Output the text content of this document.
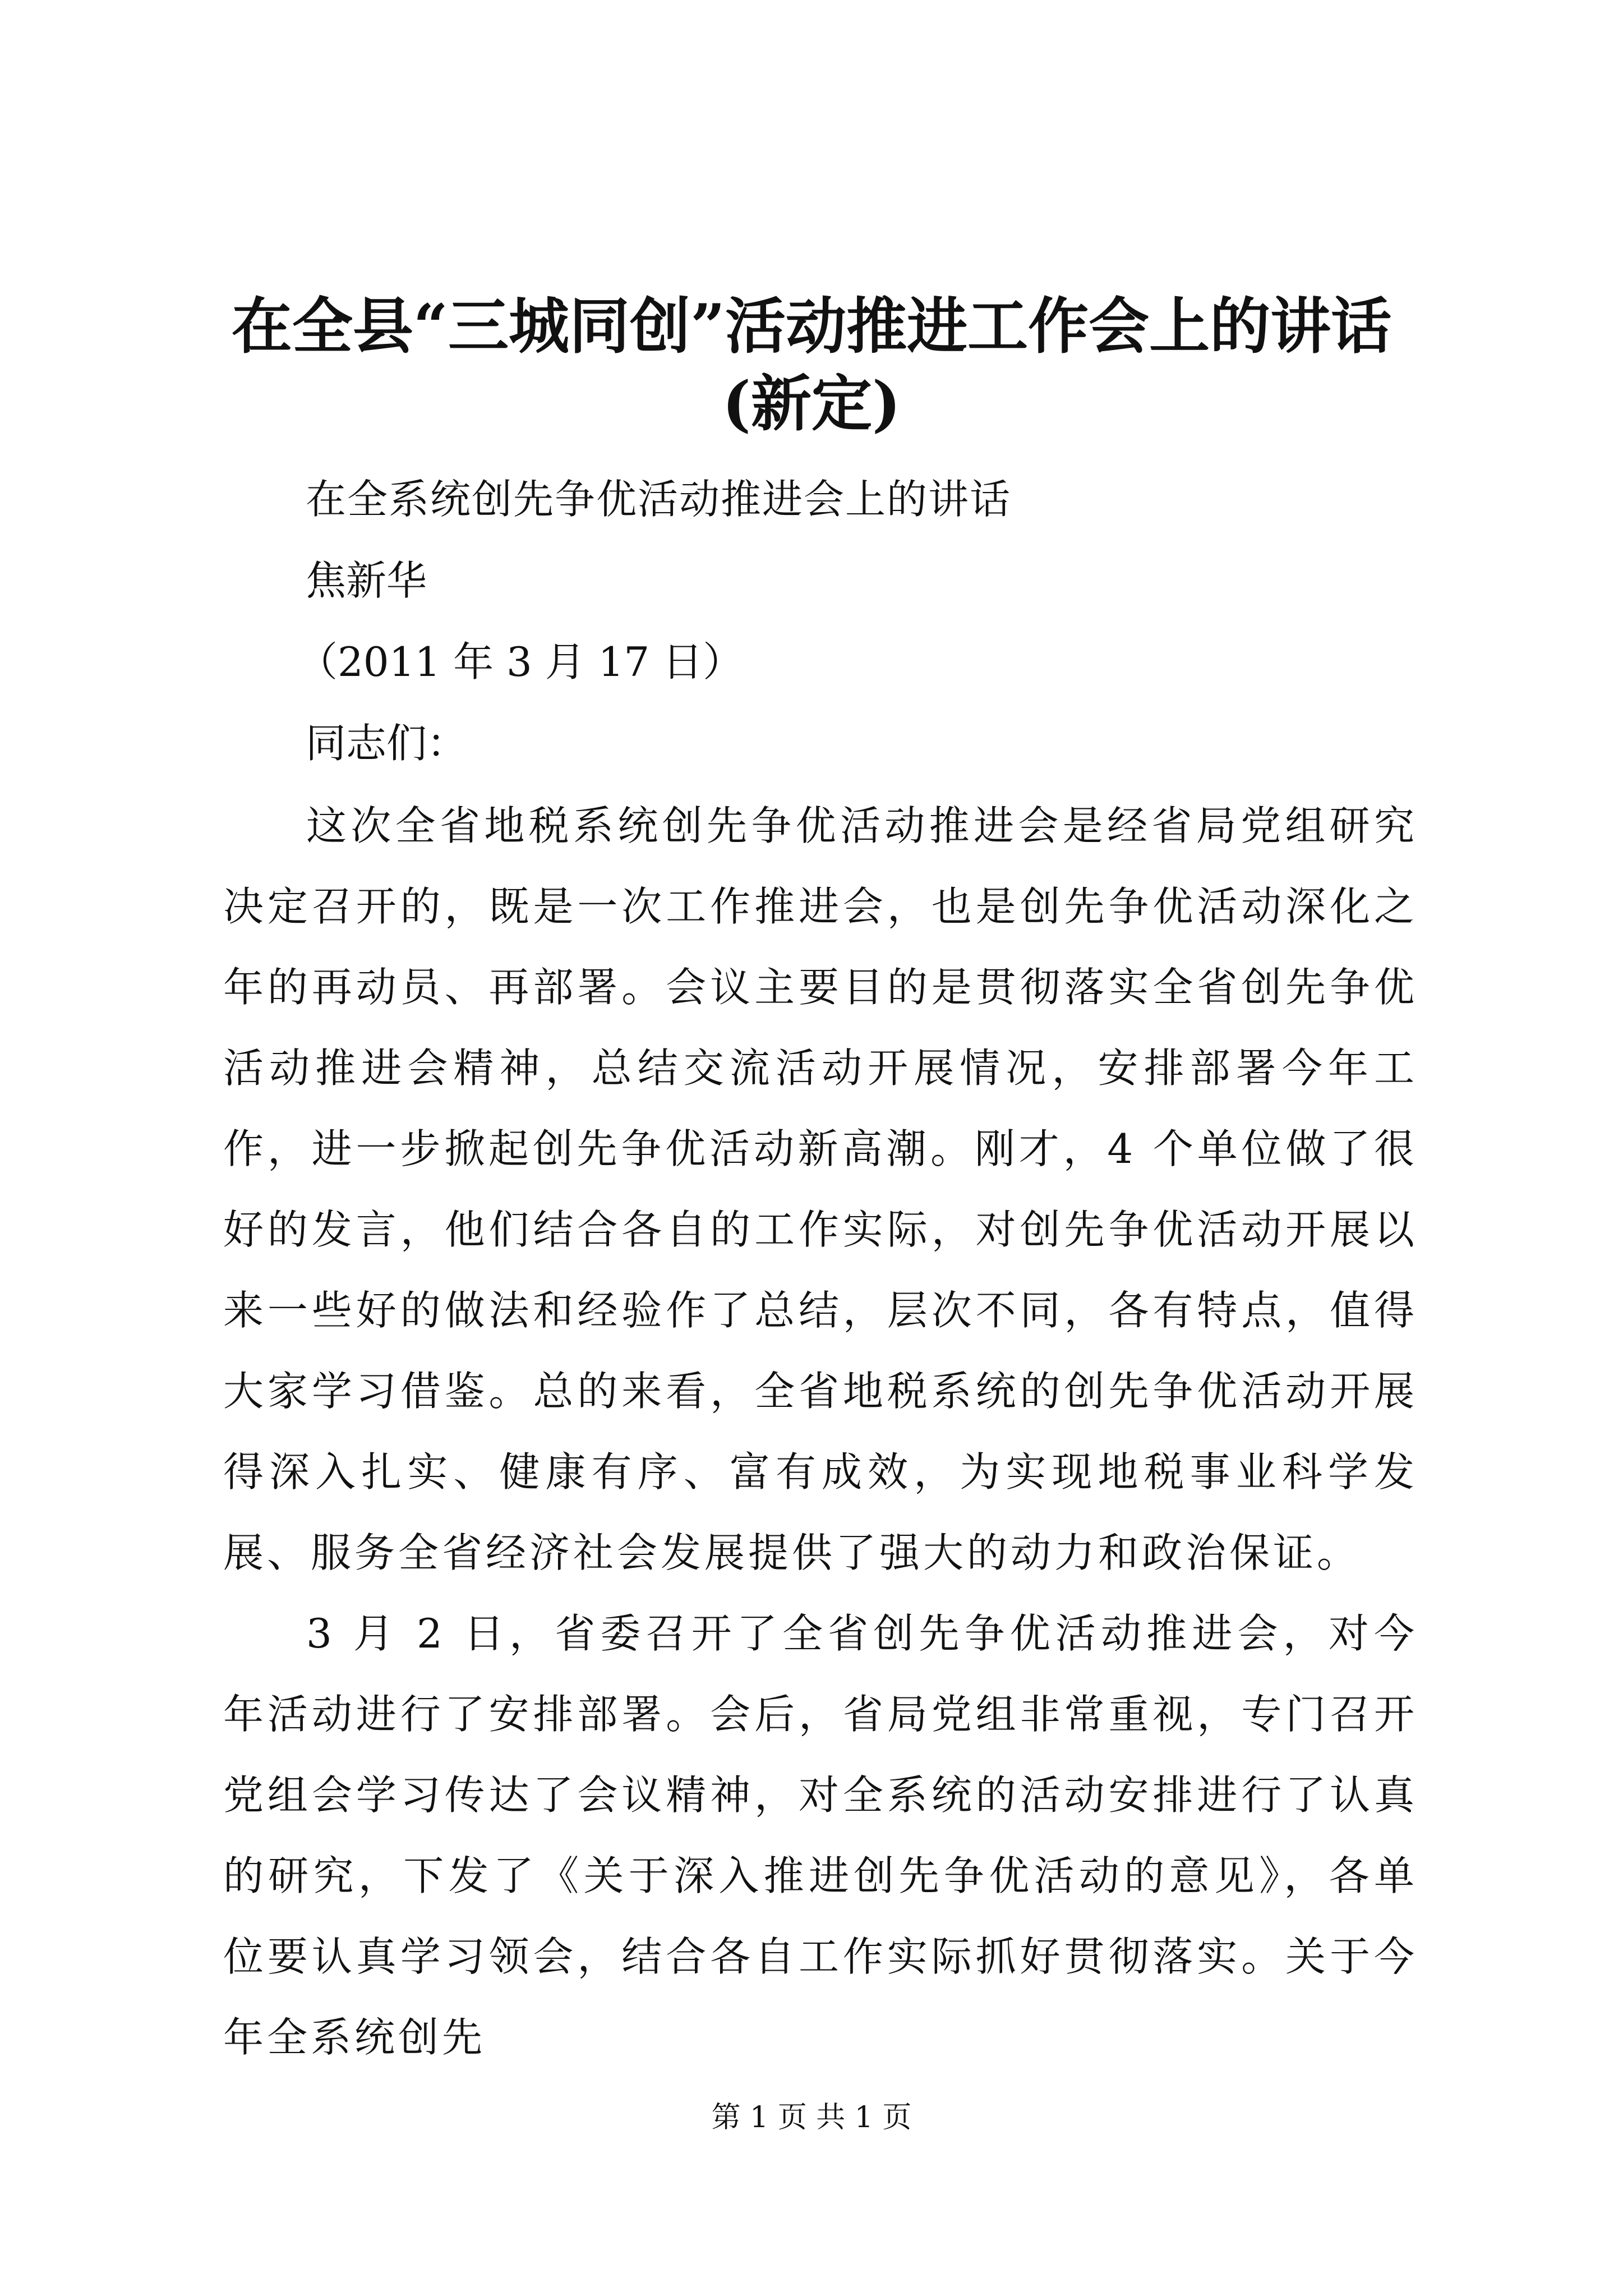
在全县“三城同创”活动推进工作会上的讲话
(新定)
在全系统创先争优活动推进会上的讲话
焦新华
（2011 年 3 月 17 日）
同志们：
这次全省地税系统创先争优活动推进会是经省局党组研究决定召开的，既是一次工作推进会，也是创先争优活动深化之年的再动员、再部署。会议主要目的是贯彻落实全省创先争优活动推进会精神，总结交流活动开展情况，安排部署今年工作，进一步掀起创先争优活动新高潮。刚才，4 个单位做了很好的发言，他们结合各自的工作实际，对创先争优活动开展以来一些好的做法和经验作了总结，层次不同，各有特点，值得大家学习借鉴。总的来看，全省地税系统的创先争优活动开展得深入扎实、健康有序、富有成效，为实现地税事业科学发展、服务全省经济社会发展提供了强大的动力和政治保证。
3 月 2 日，省委召开了全省创先争优活动推进会，对今年活动进行了安排部署。会后，省局党组非常重视，专门召开党组会学习传达了会议精神，对全系统的活动安排进行了认真的研究，下发了《关于深入推进创先争优活动的意见》，各单位要认真学习领会，结合各自工作实际抓好贯彻落实。关于今年全系统创先
第 1 页 共 1 页
